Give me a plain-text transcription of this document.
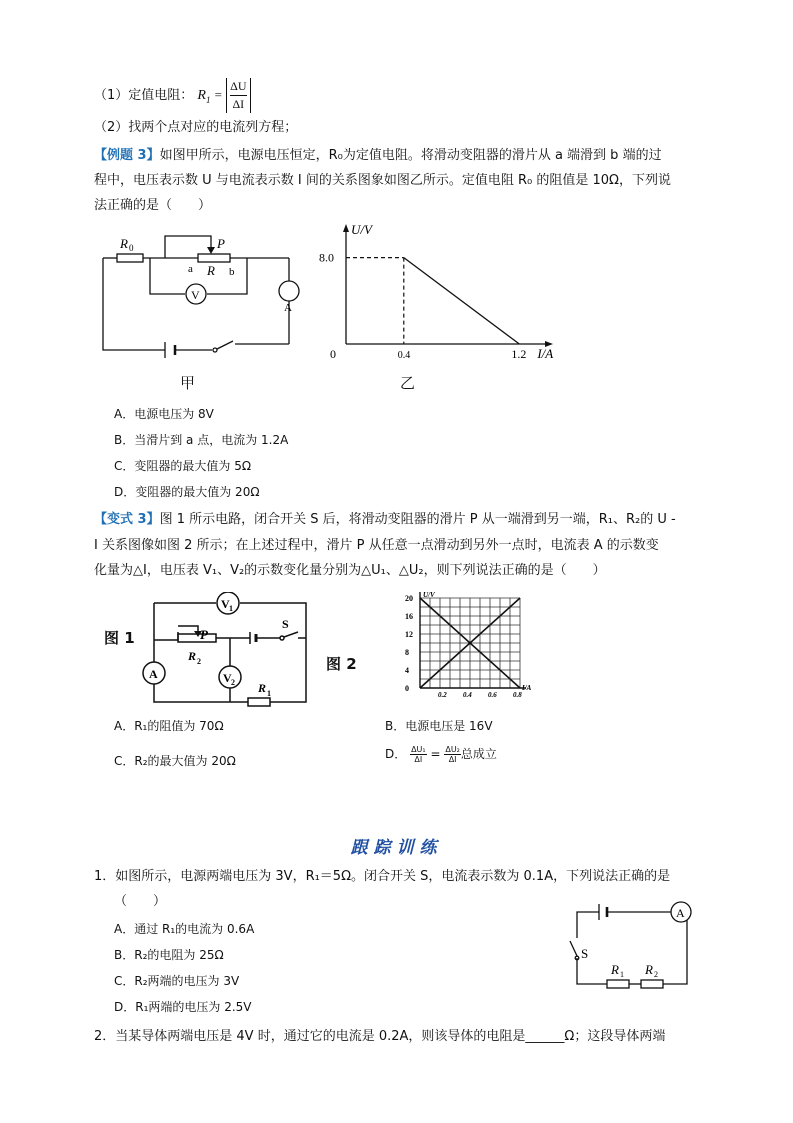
（1）定值电阻： $R_1 = \frac{\Delta U}{\Delta I}$
（2）找两个点对应的电流列方程；
【例题 3】如图甲所示，电源电压恒定，R₀为定值电阻。将滑动变阻器的滑片从 a 端滑到 b 端的过
程中，电压表示数 U 与电流表示数 I 间的关系图象如图乙所示。定值电阻 R₀ 的阻值是 10Ω，下列说
法正确的是（　　）
R 0	P
a R b
V
A
甲
U/V
I/A
0	0.4	1.2
8.0
乙
A．电源电压为 8V
B．当滑片到 a 点，电流为 1.2A
C．变阻器的最大值为 5Ω
D．变阻器的最大值为 20Ω
【变式 3】图 1 所示电路，闭合开关 S 后，将滑动变阻器的滑片 P 从一端滑到另一端，R₁、R₂的 U -
I 关系图像如图 2 所示；在上述过程中，滑片 P 从任意一点滑动到另外一点时，电流表 A 的示数变
化量为△I，电压表 V₁、V₂的示数变化量分别为△U₁、△U₂，则下列说法正确的是（　　）
图 1
V 1
V 2
A
P
R 2
S
R 1
图 2
0
4
8
12
16
20
0.2 0.4 0.6 0.8
U/V
I/A
A．R₁的阻值为 70Ω	B．电源电压是 16V
C．R₂的最大值为 20Ω	D． $\frac{\text{ΔU₁}}{\Delta I} = \frac{\text{ΔU₂}}{\Delta I}$ 总成立
跟踪训练
1．如图所示，电源两端电压为 3V，R₁＝5Ω。闭合开关 S，电流表示数为 0.1A，下列说法正确的是
（　　）
A．通过 R₁的电流为 0.6A
B．R₂的电阻为 25Ω
C．R₂两端的电压为 3V
D．R₁两端的电压为 2.5V
A
S
R 1 R 2
2．当某导体两端电压是 4V 时，通过它的电流是 0.2A，则该导体的电阻是______Ω；这段导体两端
